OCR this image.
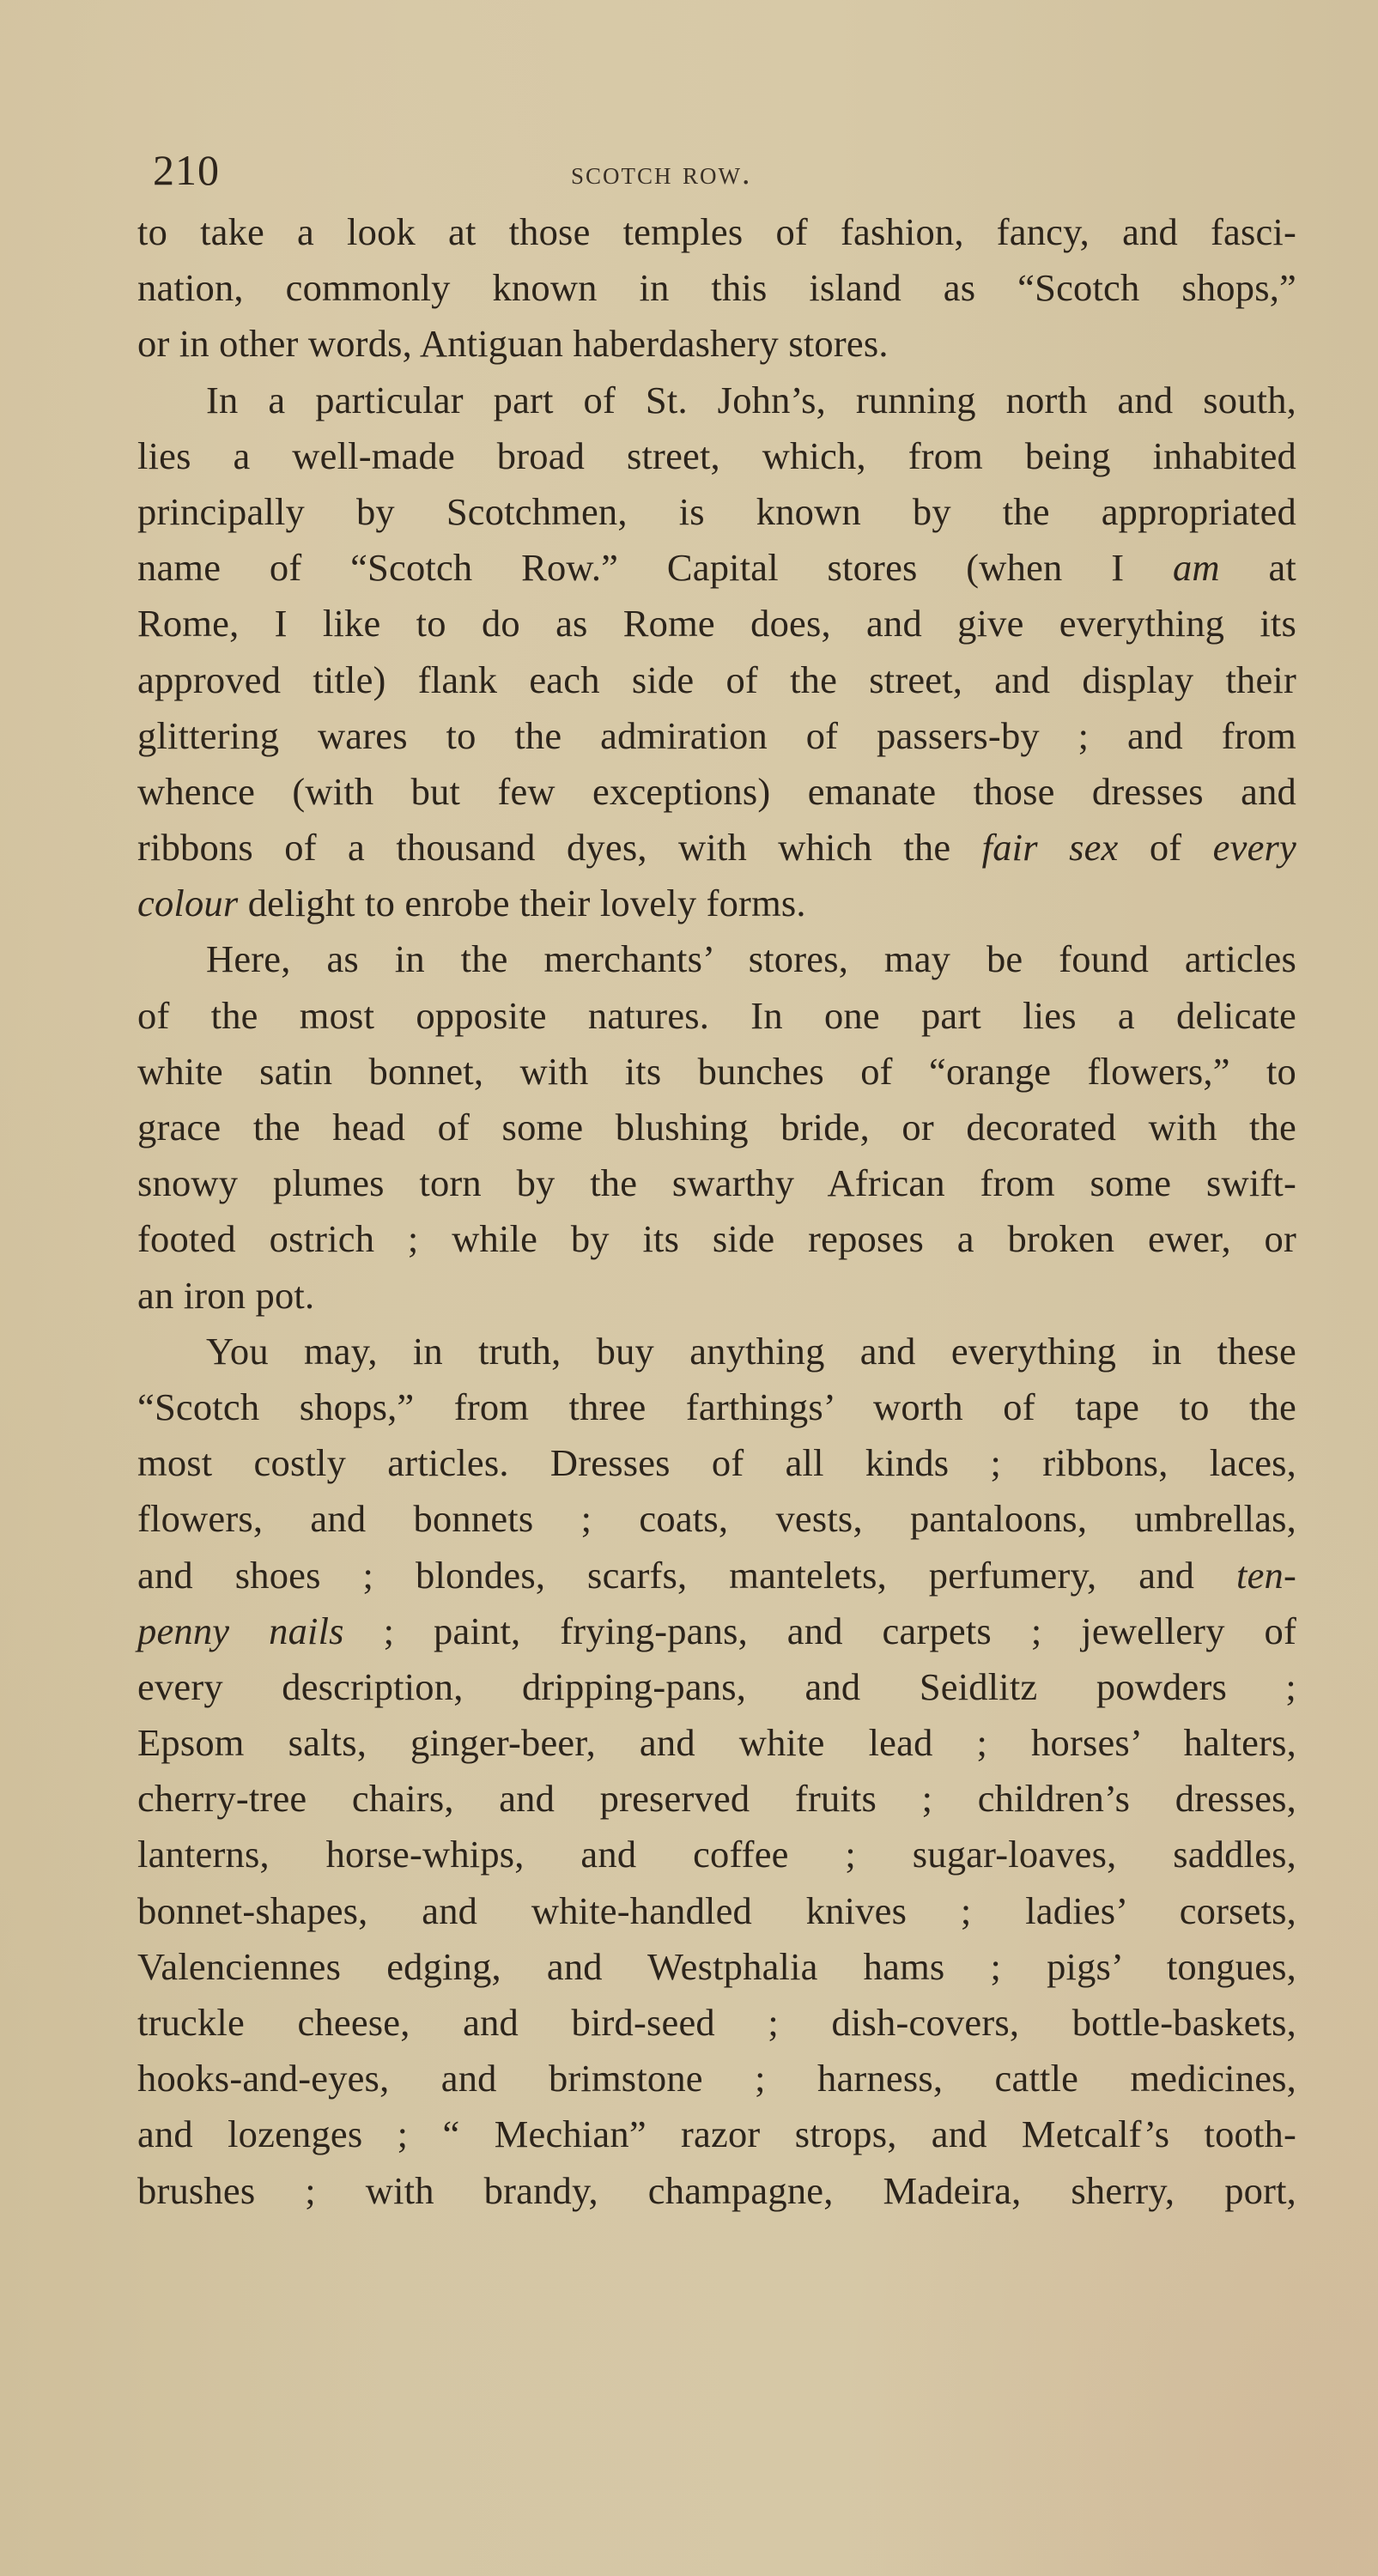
210	scotch row.
to take a look at those temples of fashion, fancy, and fasci-
nation, commonly known in this island as “Scotch shops,”
or in other words, Antiguan haberdashery stores.
In a particular part of St. John’s, running north and south,
lies a well-made broad street, which, from being inhabited
principally by Scotchmen, is known by the appropriated
name of “Scotch Row.” Capital stores (when I am at
Rome, I like to do as Rome does, and give everything its
approved title) flank each side of the street, and display their
glittering wares to the admiration of passers-by ; and from
whence (with but few exceptions) emanate those dresses and
ribbons of a thousand dyes, with which the fair sex of every
colour delight to enrobe their lovely forms.
Here, as in the merchants’ stores, may be found articles
of the most opposite natures. In one part lies a delicate
white satin bonnet, with its bunches of “orange flowers,” to
grace the head of some blushing bride, or decorated with the
snowy plumes torn by the swarthy African from some swift-
footed ostrich ; while by its side reposes a broken ewer, or
an iron pot.
You may, in truth, buy anything and everything in these
“Scotch shops,” from three farthings’ worth of tape to the
most costly articles. Dresses of all kinds ; ribbons, laces,
flowers, and bonnets ; coats, vests, pantaloons, umbrellas,
and shoes ; blondes, scarfs, mantelets, perfumery, and ten-
penny nails ; paint, frying-pans, and carpets ; jewellery of
every description, dripping-pans, and Seidlitz powders ;
Epsom salts, ginger-beer, and white lead ; horses’ halters,
cherry-tree chairs, and preserved fruits ; children’s dresses,
lanterns, horse-whips, and coffee ; sugar-loaves, saddles,
bonnet-shapes, and white-handled knives ; ladies’ corsets,
Valenciennes edging, and Westphalia hams ; pigs’ tongues,
truckle cheese, and bird-seed ; dish-covers, bottle-baskets,
hooks-and-eyes, and brimstone ; harness, cattle medicines,
and lozenges ; “ Mechian” razor strops, and Metcalf’s tooth-
brushes ; with brandy, champagne, Madeira, sherry, port,
